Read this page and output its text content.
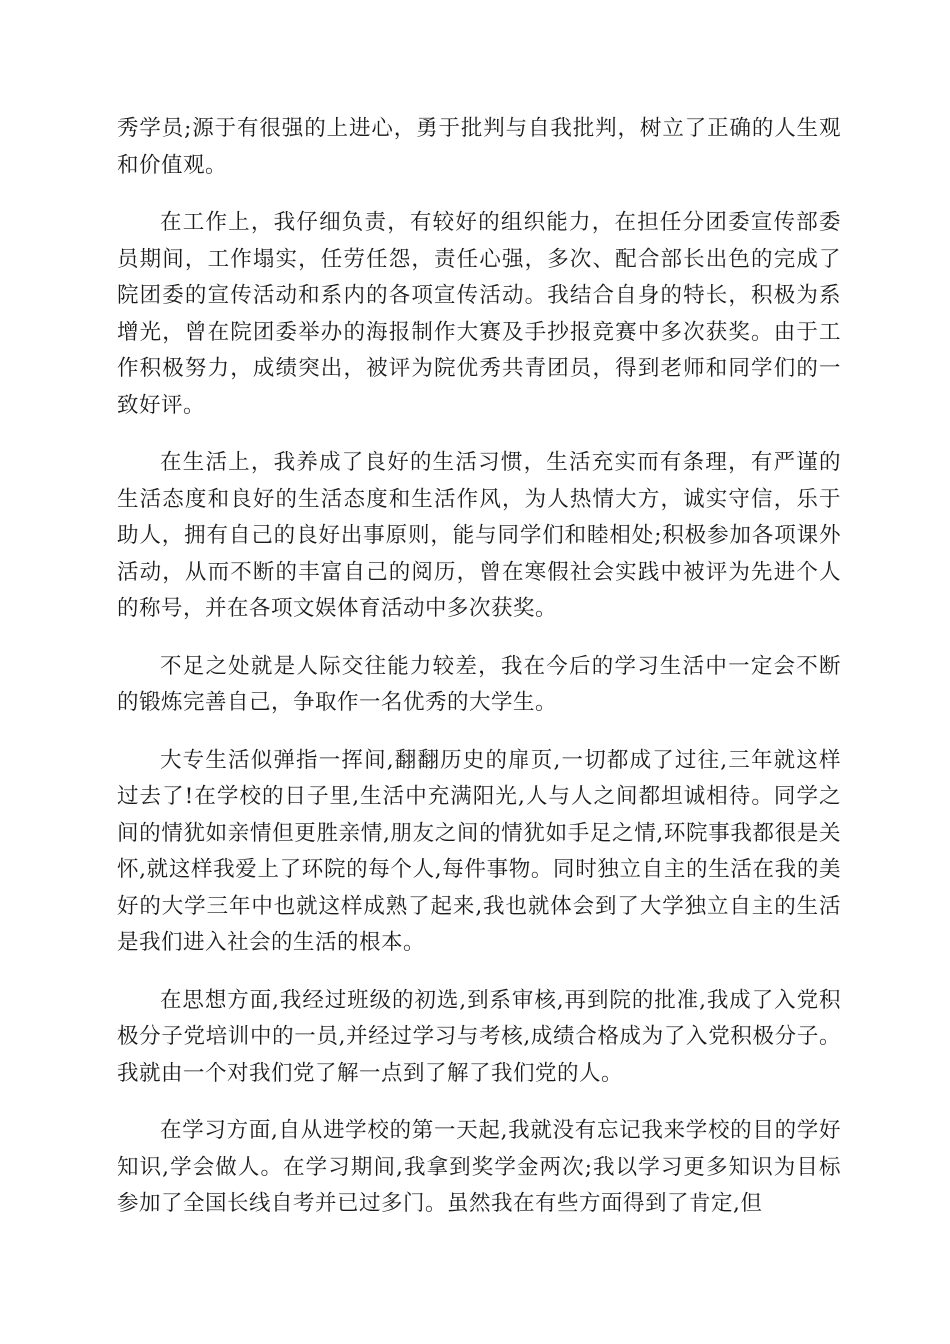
秀学员;源于有很强的上进心，勇于批判与自我批判，树立了正确的人生观和价值观。

在工作上，我仔细负责，有较好的组织能力，在担任分团委宣传部委员期间，工作塌实，任劳任怨，责任心强，多次、配合部长出色的完成了院团委的宣传活动和系内的各项宣传活动。我结合自身的特长，积极为系增光，曾在院团委举办的海报制作大赛及手抄报竞赛中多次获奖。由于工作积极努力，成绩突出，被评为院优秀共青团员，得到老师和同学们的一致好评。

在生活上，我养成了良好的生活习惯，生活充实而有条理，有严谨的生活态度和良好的生活态度和生活作风，为人热情大方，诚实守信，乐于助人，拥有自己的良好出事原则，能与同学们和睦相处;积极参加各项课外活动，从而不断的丰富自己的阅历，曾在寒假社会实践中被评为先进个人的称号，并在各项文娱体育活动中多次获奖。

不足之处就是人际交往能力较差，我在今后的学习生活中一定会不断的锻炼完善自己，争取作一名优秀的大学生。

大专生活似弹指一挥间,翻翻历史的扉页,一切都成了过往,三年就这样过去了!在学校的日子里,生活中充满阳光,人与人之间都坦诚相待。同学之间的情犹如亲情但更胜亲情,朋友之间的情犹如手足之情,环院事我都很是关怀,就这样我爱上了环院的每个人,每件事物。同时独立自主的生活在我的美好的大学三年中也就这样成熟了起来,我也就体会到了大学独立自主的生活是我们进入社会的生活的根本。

在思想方面,我经过班级的初选,到系审核,再到院的批准,我成了入党积极分子党培训中的一员,并经过学习与考核,成绩合格成为了入党积极分子。我就由一个对我们党了解一点到了解了我们党的人。

在学习方面,自从进学校的第一天起,我就没有忘记我来学校的目的学好知识,学会做人。在学习期间,我拿到奖学金两次;我以学习更多知识为目标参加了全国长线自考并已过多门。虽然我在有些方面得到了肯定,但
